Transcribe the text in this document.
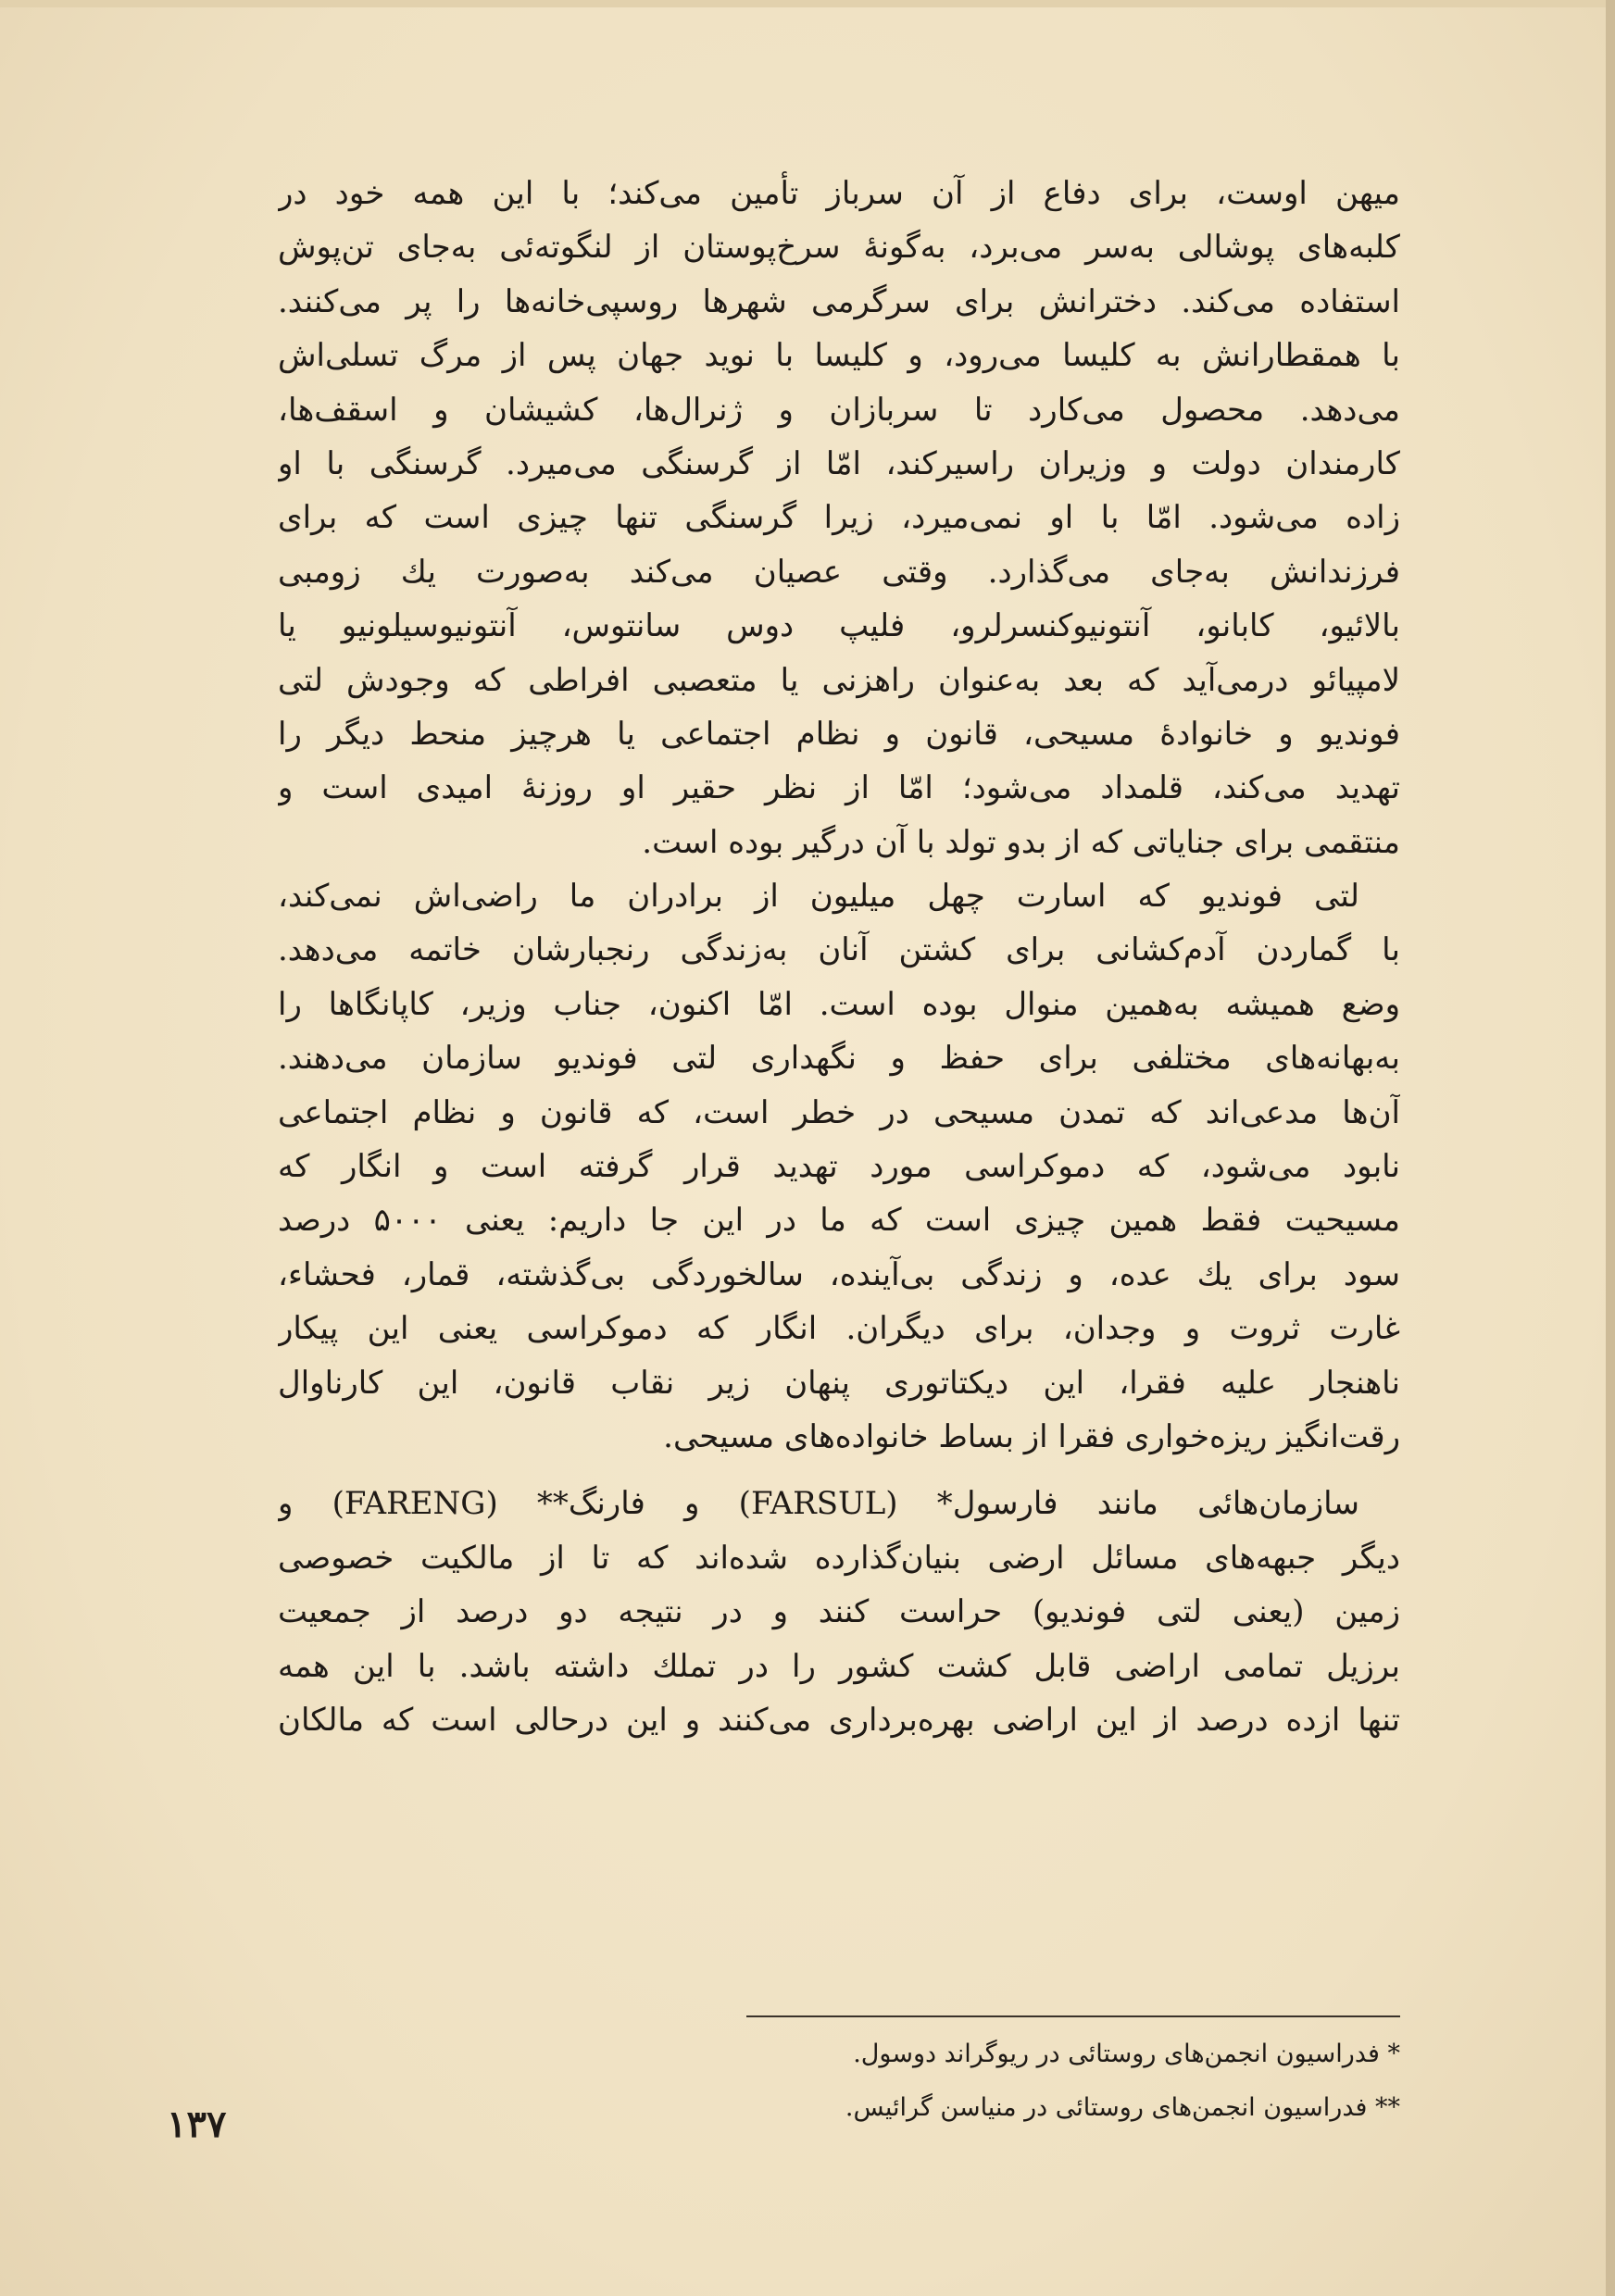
میهن اوست، برای دفاع از آن سرباز تأمین می‌کند؛ با این همه خود در
کلبه‌های پوشالی به‌سر می‌برد، به‌گونهٔ سرخ‌پوستان از لنگوته‌ئی به‌جای تن‌پوش
استفاده می‌کند. دخترانش برای سرگرمی شهرها روسپی‌خانه‌ها را پر می‌کنند.
با همقطارانش به کلیسا می‌رود، و کلیسا با نوید جهان پس از مرگ تسلی‌اش
می‌دهد. محصول می‌کارد تا سربازان و ژنرال‌ها، کشیشان و اسقف‌ها،
کارمندان دولت و وزیران راسیرکند، امّا از گرسنگی می‌میرد. گرسنگی با او
زاده می‌شود. امّا با او نمی‌میرد، زیرا گرسنگی تنها چیزی است که برای
فرزندانش به‌جای می‌گذارد. وقتی عصیان می‌کند به‌صورت یك زومبی
بالائیو، کابانو، آنتونیوکنسرلرو، فلیپ دوس سانتوس، آنتونیوسیلونیو یا
لامپیائو درمی‌آید که بعد به‌عنوان راهزنی یا متعصبی افراطی که وجودش لتی
فوندیو و خانوادهٔ مسیحی، قانون و نظام اجتماعی یا هرچیز منحط دیگر را
تهدید می‌کند، قلمداد می‌شود؛ امّا از نظر حقیر او روزنهٔ امیدی است و
منتقمی برای جنایاتی که از بدو تولد با آن درگیر بوده است.
لتی فوندیو که اسارت چهل میلیون از برادران ما راضی‌اش نمی‌کند،
با گماردن آدم‌کشانی برای کشتن آنان به‌زندگی رنجبارشان خاتمه می‌دهد.
وضع همیشه به‌همین منوال بوده است. امّا اکنون، جناب وزیر، کاپانگاها را
به‌بهانه‌های مختلفی برای حفظ و نگهداری لتی فوندیو سازمان می‌دهند.
آن‌ها مدعی‌اند که تمدن مسیحی در خطر است، که قانون و نظام اجتماعی
نابود می‌شود، که دموکراسی مورد تهدید قرار گرفته است و انگار که
مسیحیت فقط همین چیزی است که ما در این جا داریم: یعنی ۵۰۰۰ درصد
سود برای یك عده، و زندگی بی‌آینده، سالخوردگی بی‌گذشته، قمار، فحشاء،
غارت ثروت و وجدان، برای دیگران. انگار که دموکراسی یعنی این پیکار
ناهنجار علیه فقرا، این دیکتاتوری پنهان زیر نقاب قانون، این کارناوال
رقت‌انگیز ریزه‌خواری فقرا از بساط خانواده‌های مسیحی.
سازمان‌هائی مانند فارسول* (FARSUL) و فارنگ** (FARENG) و
دیگر جبهه‌های مسائل ارضی بنیان‌گذارده شده‌اند که تا از مالکیت خصوصی
زمین (یعنی لتی فوندیو) حراست کنند و در نتیجه دو درصد از جمعیت
برزیل تمامی اراضی قابل کشت کشور را در تملك داشته باشد. با این همه
تنها ازده درصد از این اراضی بهره‌برداری می‌کنند و این درحالی است که مالکان
* فدراسیون انجمن‌های روستائی در ریوگراند دوسول.
** فدراسیون انجمن‌های روستائی در منیاسن گرائیس.
۱۳۷
